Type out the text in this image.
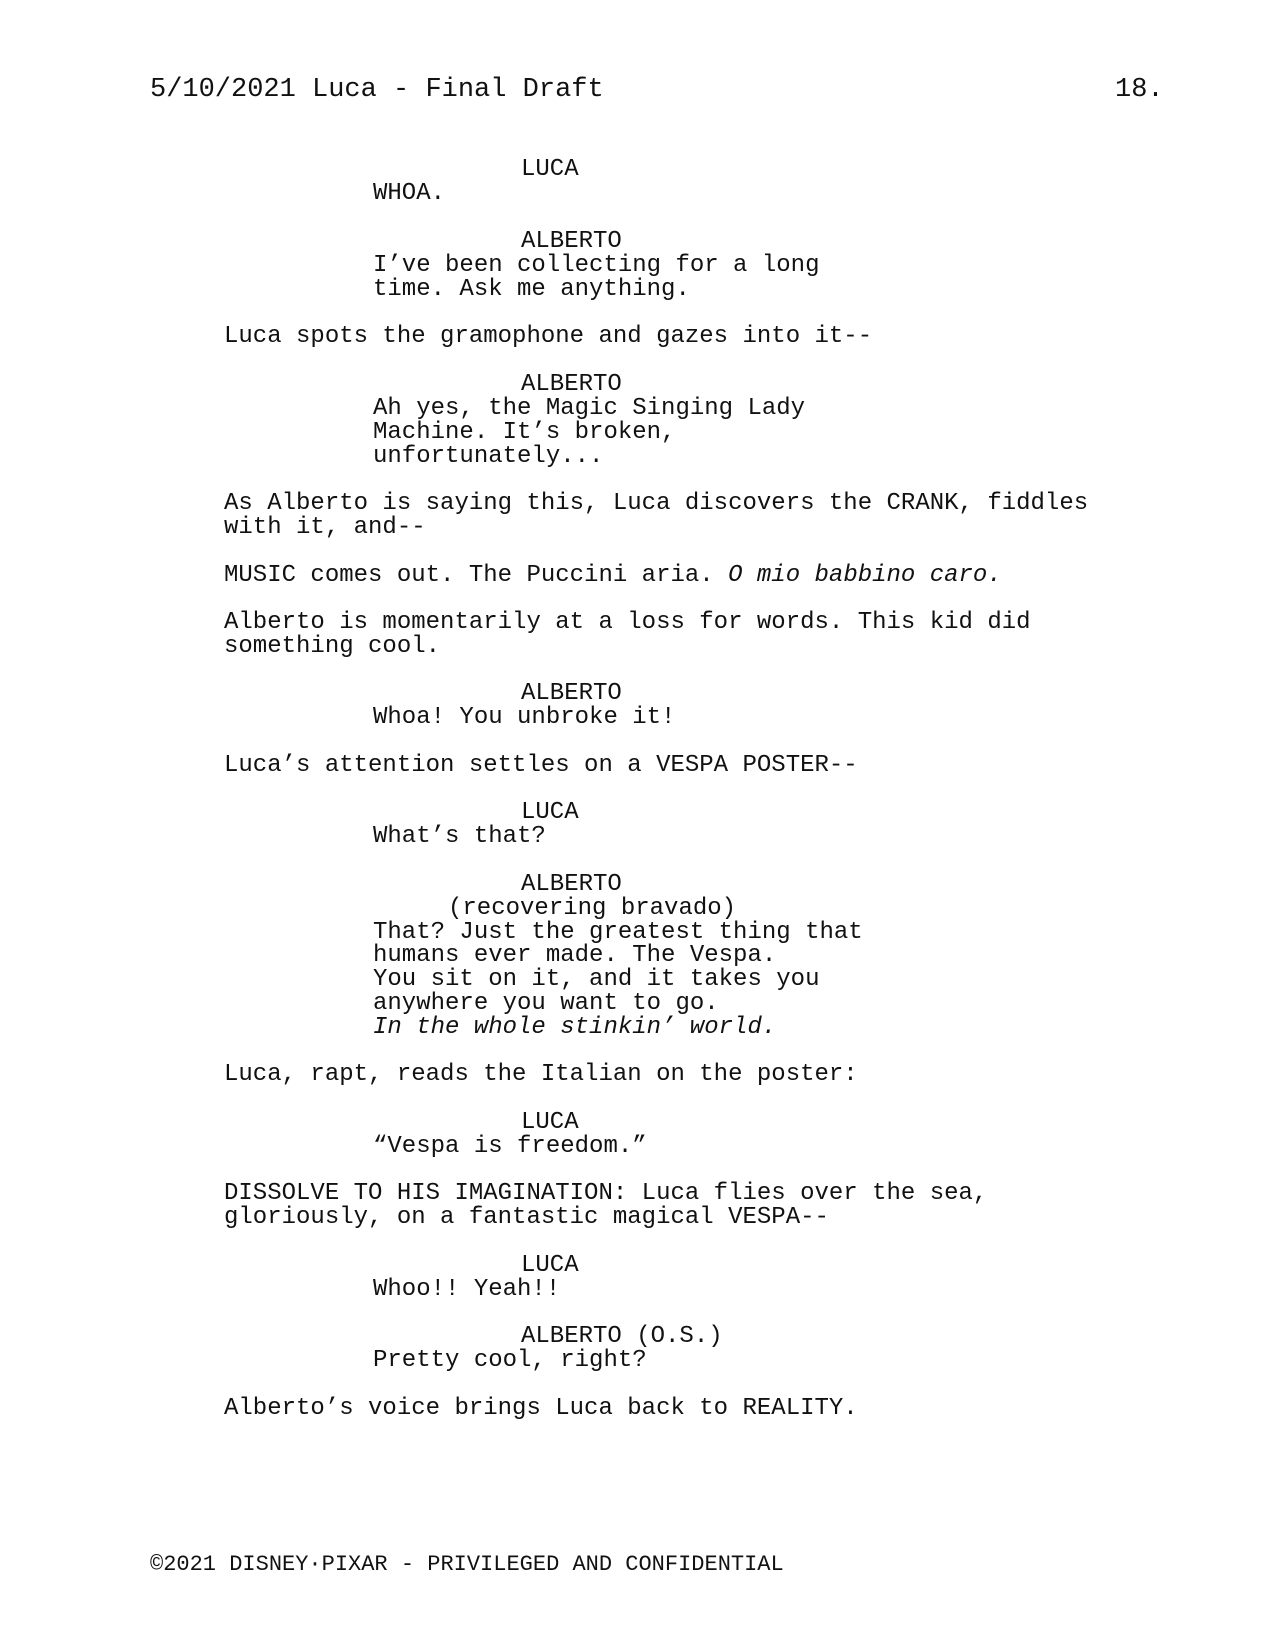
5/10/2021 Luca - Final Draft	18.
LUCA
WHOA.
ALBERTO
I’ve been collecting for a long
time. Ask me anything.
Luca spots the gramophone and gazes into it--
ALBERTO
Ah yes, the Magic Singing Lady
Machine. It’s broken,
unfortunately...
As Alberto is saying this, Luca discovers the CRANK, fiddles
with it, and--
MUSIC comes out. The Puccini aria. O mio babbino caro.
Alberto is momentarily at a loss for words. This kid did
something cool.
ALBERTO
Whoa! You unbroke it!
Luca’s attention settles on a VESPA POSTER--
LUCA
What’s that?
ALBERTO
(recovering bravado)
That? Just the greatest thing that
humans ever made. The Vespa.
You sit on it, and it takes you
anywhere you want to go.
In the whole stinkin’ world.
Luca, rapt, reads the Italian on the poster:
LUCA
“Vespa is freedom.”
DISSOLVE TO HIS IMAGINATION: Luca flies over the sea,
gloriously, on a fantastic magical VESPA--
LUCA
Whoo!! Yeah!!
ALBERTO (O.S.)
Pretty cool, right?
Alberto’s voice brings Luca back to REALITY.
©2021 DISNEY·PIXAR - PRIVILEGED AND CONFIDENTIAL
